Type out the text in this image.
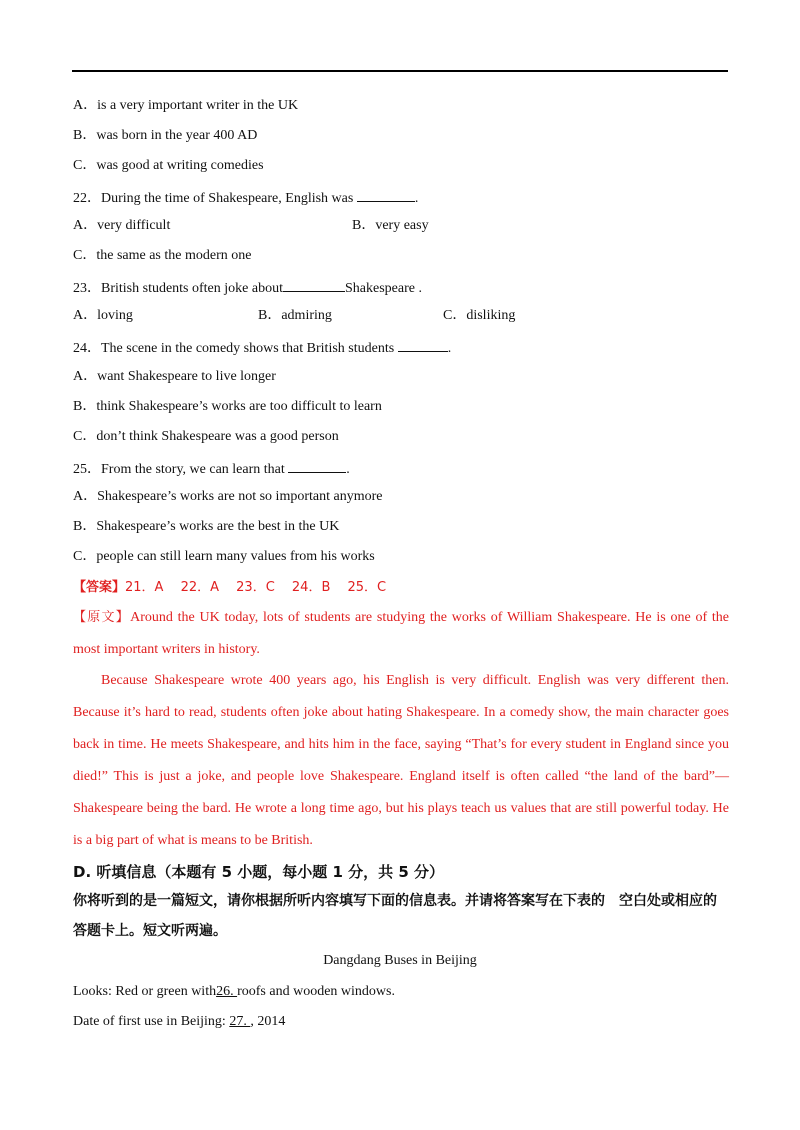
A．is a very important writer in the UK
B．was born in the year 400 AD
C．was good at writing comedies
22．During the time of Shakespeare, English was	.
A．very difficult	B．very easy
C．the same as the modern one
23．British students often joke about	Shakespeare .
A．loving	B．admiring	C．disliking
24．The scene in the comedy shows that British students	.
A．want Shakespeare to live longer
B．think Shakespeare’s works are too difficult to learn
C．don’t think Shakespeare was a good person
25．From the story, we can learn that	.
A．Shakespeare’s works are not so important anymore
B．Shakespeare’s works are the best in the UK
C．people can still learn many values from his works
【答案】21．A　 22．A　 23．C　 24．B　 25．C
【原文】Around the UK today, lots of students are studying the works of William Shakespeare. He is one of the most important writers in history.
Because Shakespeare wrote 400 years ago, his English is very difficult. English was very different then. Because it’s hard to read, students often joke about hating Shakespeare. In a comedy show, the main character goes back in time. He meets Shakespeare, and hits him in the face, saying “That’s for every student in England since you died!” This is just a joke, and people love Shakespeare. England itself is often called “the land of the bard”—Shakespeare being the bard. He wrote a long time ago, but his plays teach us values that are still powerful today. He is a big part of what is means to be British.
D. 听填信息（本题有 5 小题，每小题 1 分，共 5 分）
你将听到的是一篇短文，请你根据所听内容填写下面的信息表。并请将答案写在下表的　空白处或相应的答题卡上。短文听两遍。
Dangdang Buses in Beijing
Looks: Red or green with26. roofs and wooden windows.
Date of first use in Beijing: 27. , 2014
